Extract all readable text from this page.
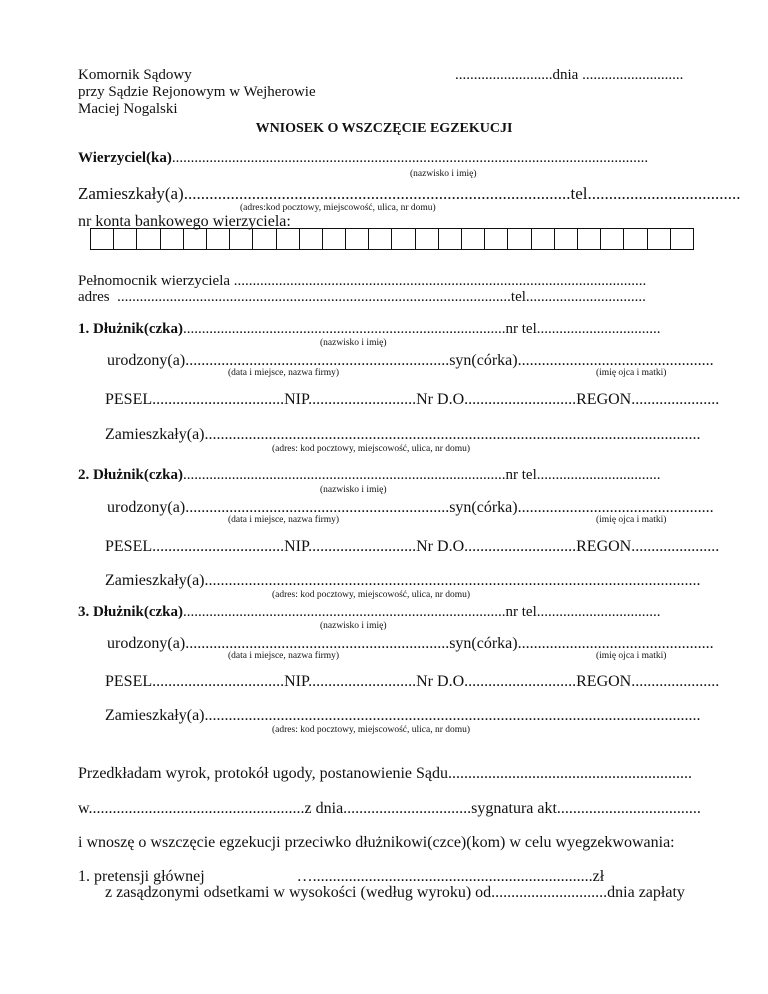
Komornik Sądowy
przy Sądzie Rejonowym w Wejherowie
Maciej Nogalski
..........................dnia ...........................
WNIOSEK O WSZCZĘCIE EGZEKUCJI
Wierzyciel(ka)...............................................................................................................................
(nazwisko i imię)
Zamieszkały(a)...........................................................................................tel....................................
(adres:kod pocztowy, miejscowość, ulica, nr domu)
nr konta bankowego wierzyciela:
Pełnomocnik wierzyciela ..............................................................................................................
adres  .........................................................................................................tel................................
1. Dłużnik(czka)......................................................................................nr tel.................................
(nazwisko i imię)
urodzony(a)..................................................................syn(córka).................................................
(data i miejsce, nazwa firmy)	(imię ojca i matki)
PESEL.................................NIP...........................Nr D.O............................REGON......................
Zamieszkały(a)............................................................................................................................
(adres: kod pocztowy, miejscowość, ulica, nr domu)
2. Dłużnik(czka)......................................................................................nr tel.................................
(nazwisko i imię)
urodzony(a)..................................................................syn(córka).................................................
(data i miejsce, nazwa firmy)	(imię ojca i matki)
PESEL.................................NIP...........................Nr D.O............................REGON......................
Zamieszkały(a)............................................................................................................................
(adres: kod pocztowy, miejscowość, ulica, nr domu)
3. Dłużnik(czka)......................................................................................nr tel.................................
(nazwisko i imię)
urodzony(a)..................................................................syn(córka).................................................
(data i miejsce, nazwa firmy)	(imię ojca i matki)
PESEL.................................NIP...........................Nr D.O............................REGON......................
Zamieszkały(a)............................................................................................................................
(adres: kod pocztowy, miejscowość, ulica, nr domu)
Przedkładam wyrok, protokół ugody, postanowienie Sądu.............................................................
w......................................................z dnia................................sygnatura akt....................................
i wnoszę o wszczęcie egzekucji przeciwko dłużnikowi(czce)(kom) w celu wyegzekwowania:
1. pretensji głównej                       …......................................................................zł
z zasądzonymi odsetkami w wysokości (według wyroku) od.............................dnia zapłaty
